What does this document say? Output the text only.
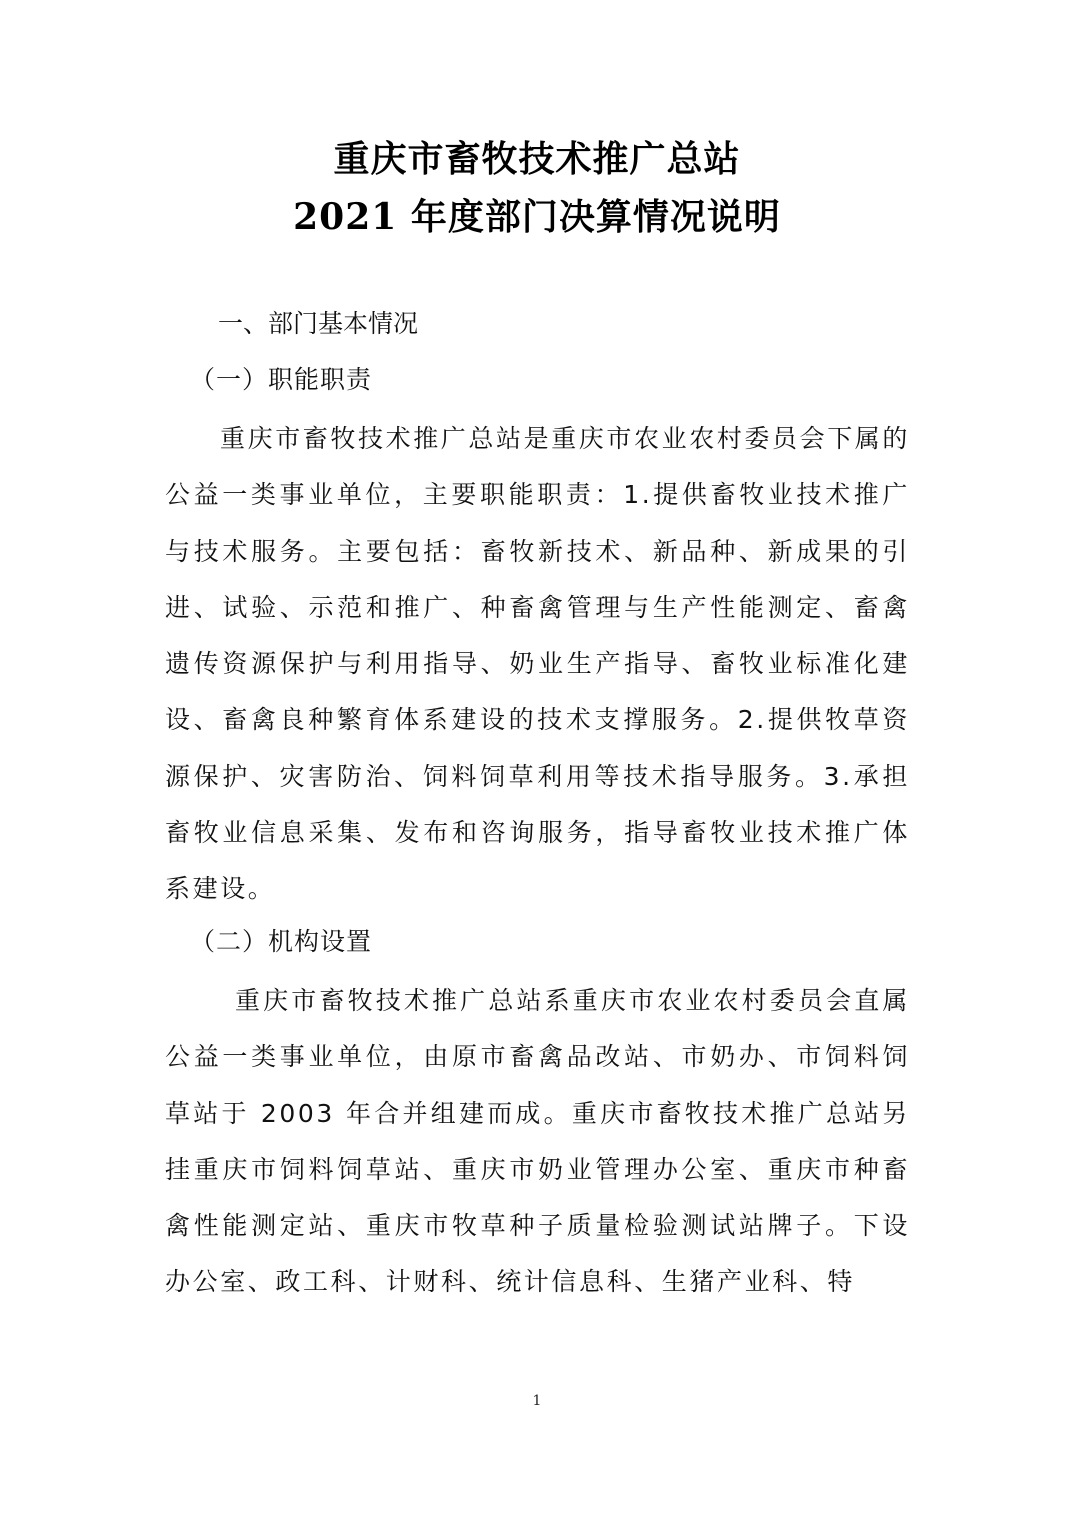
重庆市畜牧技术推广总站
2021 年度部门决算情况说明
一、部门基本情况
（一）职能职责

重庆市畜牧技术推广总站是重庆市农业农村委员会下属的公益一类事业单位，主要职能职责：1.提供畜牧业技术推广与技术服务。主要包括：畜牧新技术、新品种、新成果的引进、试验、示范和推广、种畜禽管理与生产性能测定、畜禽遗传资源保护与利用指导、奶业生产指导、畜牧业标准化建设、畜禽良种繁育体系建设的技术支撑服务。2.提供牧草资源保护、灾害防治、饲料饲草利用等技术指导服务。3.承担畜牧业信息采集、发布和咨询服务，指导畜牧业技术推广体系建设。

（二）机构设置

重庆市畜牧技术推广总站系重庆市农业农村委员会直属公益一类事业单位，由原市畜禽品改站、市奶办、市饲料饲草站于 2003 年合并组建而成。重庆市畜牧技术推广总站另挂重庆市饲料饲草站、重庆市奶业管理办公室、重庆市种畜禽性能测定站、重庆市牧草种子质量检验测试站牌子。下设办公室、政工科、计财科、统计信息科、生猪产业科、特

1
